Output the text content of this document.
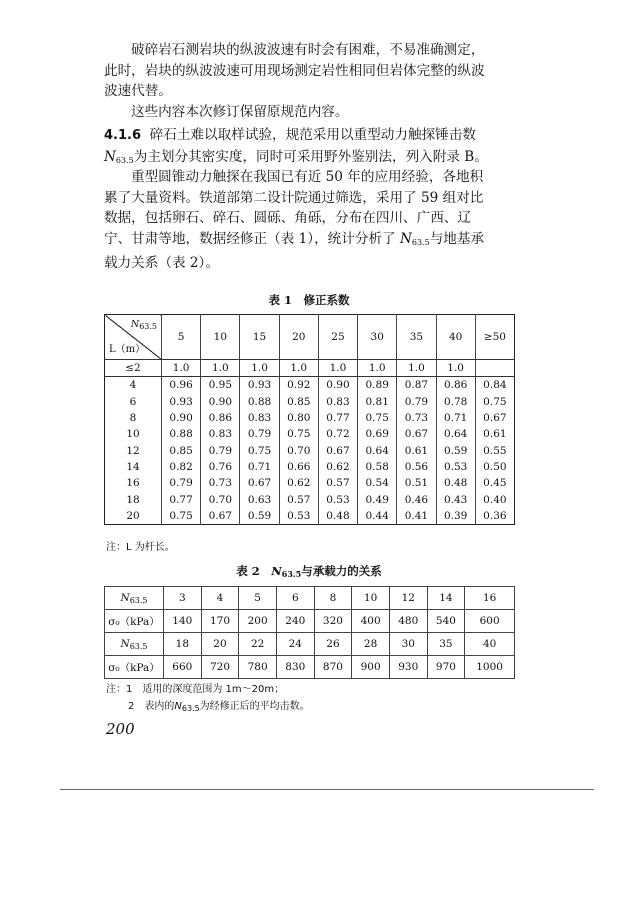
破碎岩石测岩块的纵波波速有时会有困难，不易准确测定，
此时，岩块的纵波波速可用现场测定岩性相同但岩体完整的纵波
波速代替。

这些内容本次修订保留原规范内容。

4.1.6 碎石土难以取样试验，规范采用以重型动力触探锤击数
$N_{63.5}$为主划分其密实度，同时可采用野外鉴别法，列入附录 B。

重型圆锥动力触探在我国已有近 50 年的应用经验，各地积
累了大量资料。铁道部第二设计院通过筛选，采用了 59 组对比
数据，包括卵石、碎石、圆砾、角砾，分布在四川、广西、辽
宁、甘肃等地，数据经修正（表 1），统计分析了 $N_{63.5}$与地基承
载力关系（表 2）。

表 1　修正系数
$N_{63.5}$
L（m）	5	10	15	20	25	30	35	40	≥50
≤2	1.0	1.0	1.0	1.0	1.0	1.0	1.0	1.0	
4	0.96	0.95	0.93	0.92	0.90	0.89	0.87	0.86	0.84
6	0.93	0.90	0.88	0.85	0.83	0.81	0.79	0.78	0.75
8	0.90	0.86	0.83	0.80	0.77	0.75	0.73	0.71	0.67
10	0.88	0.83	0.79	0.75	0.72	0.69	0.67	0.64	0.61
12	0.85	0.79	0.75	0.70	0.67	0.64	0.61	0.59	0.55
14	0.82	0.76	0.71	0.66	0.62	0.58	0.56	0.53	0.50
16	0.79	0.73	0.67	0.62	0.57	0.54	0.51	0.48	0.45
18	0.77	0.70	0.63	0.57	0.53	0.49	0.46	0.43	0.40
20	0.75	0.67	0.59	0.53	0.48	0.44	0.41	0.39	0.36
注：L 为杆长。
表 2　$N_{63.5}$与承载力的关系
$N_{63.5}$	3	4	5	6	8	10	12	14	16
σ₀（kPa）	140	170	200	240	320	400	480	540	600
$N_{63.5}$	18	20	22	24	26	28	30	35	40
σ₀（kPa）	660	720	780	830	870	900	930	970	1000
注：1　适用的深度范围为 1m～20m；
2　表内的$N_{63.5}$为经修正后的平均击数。
200
